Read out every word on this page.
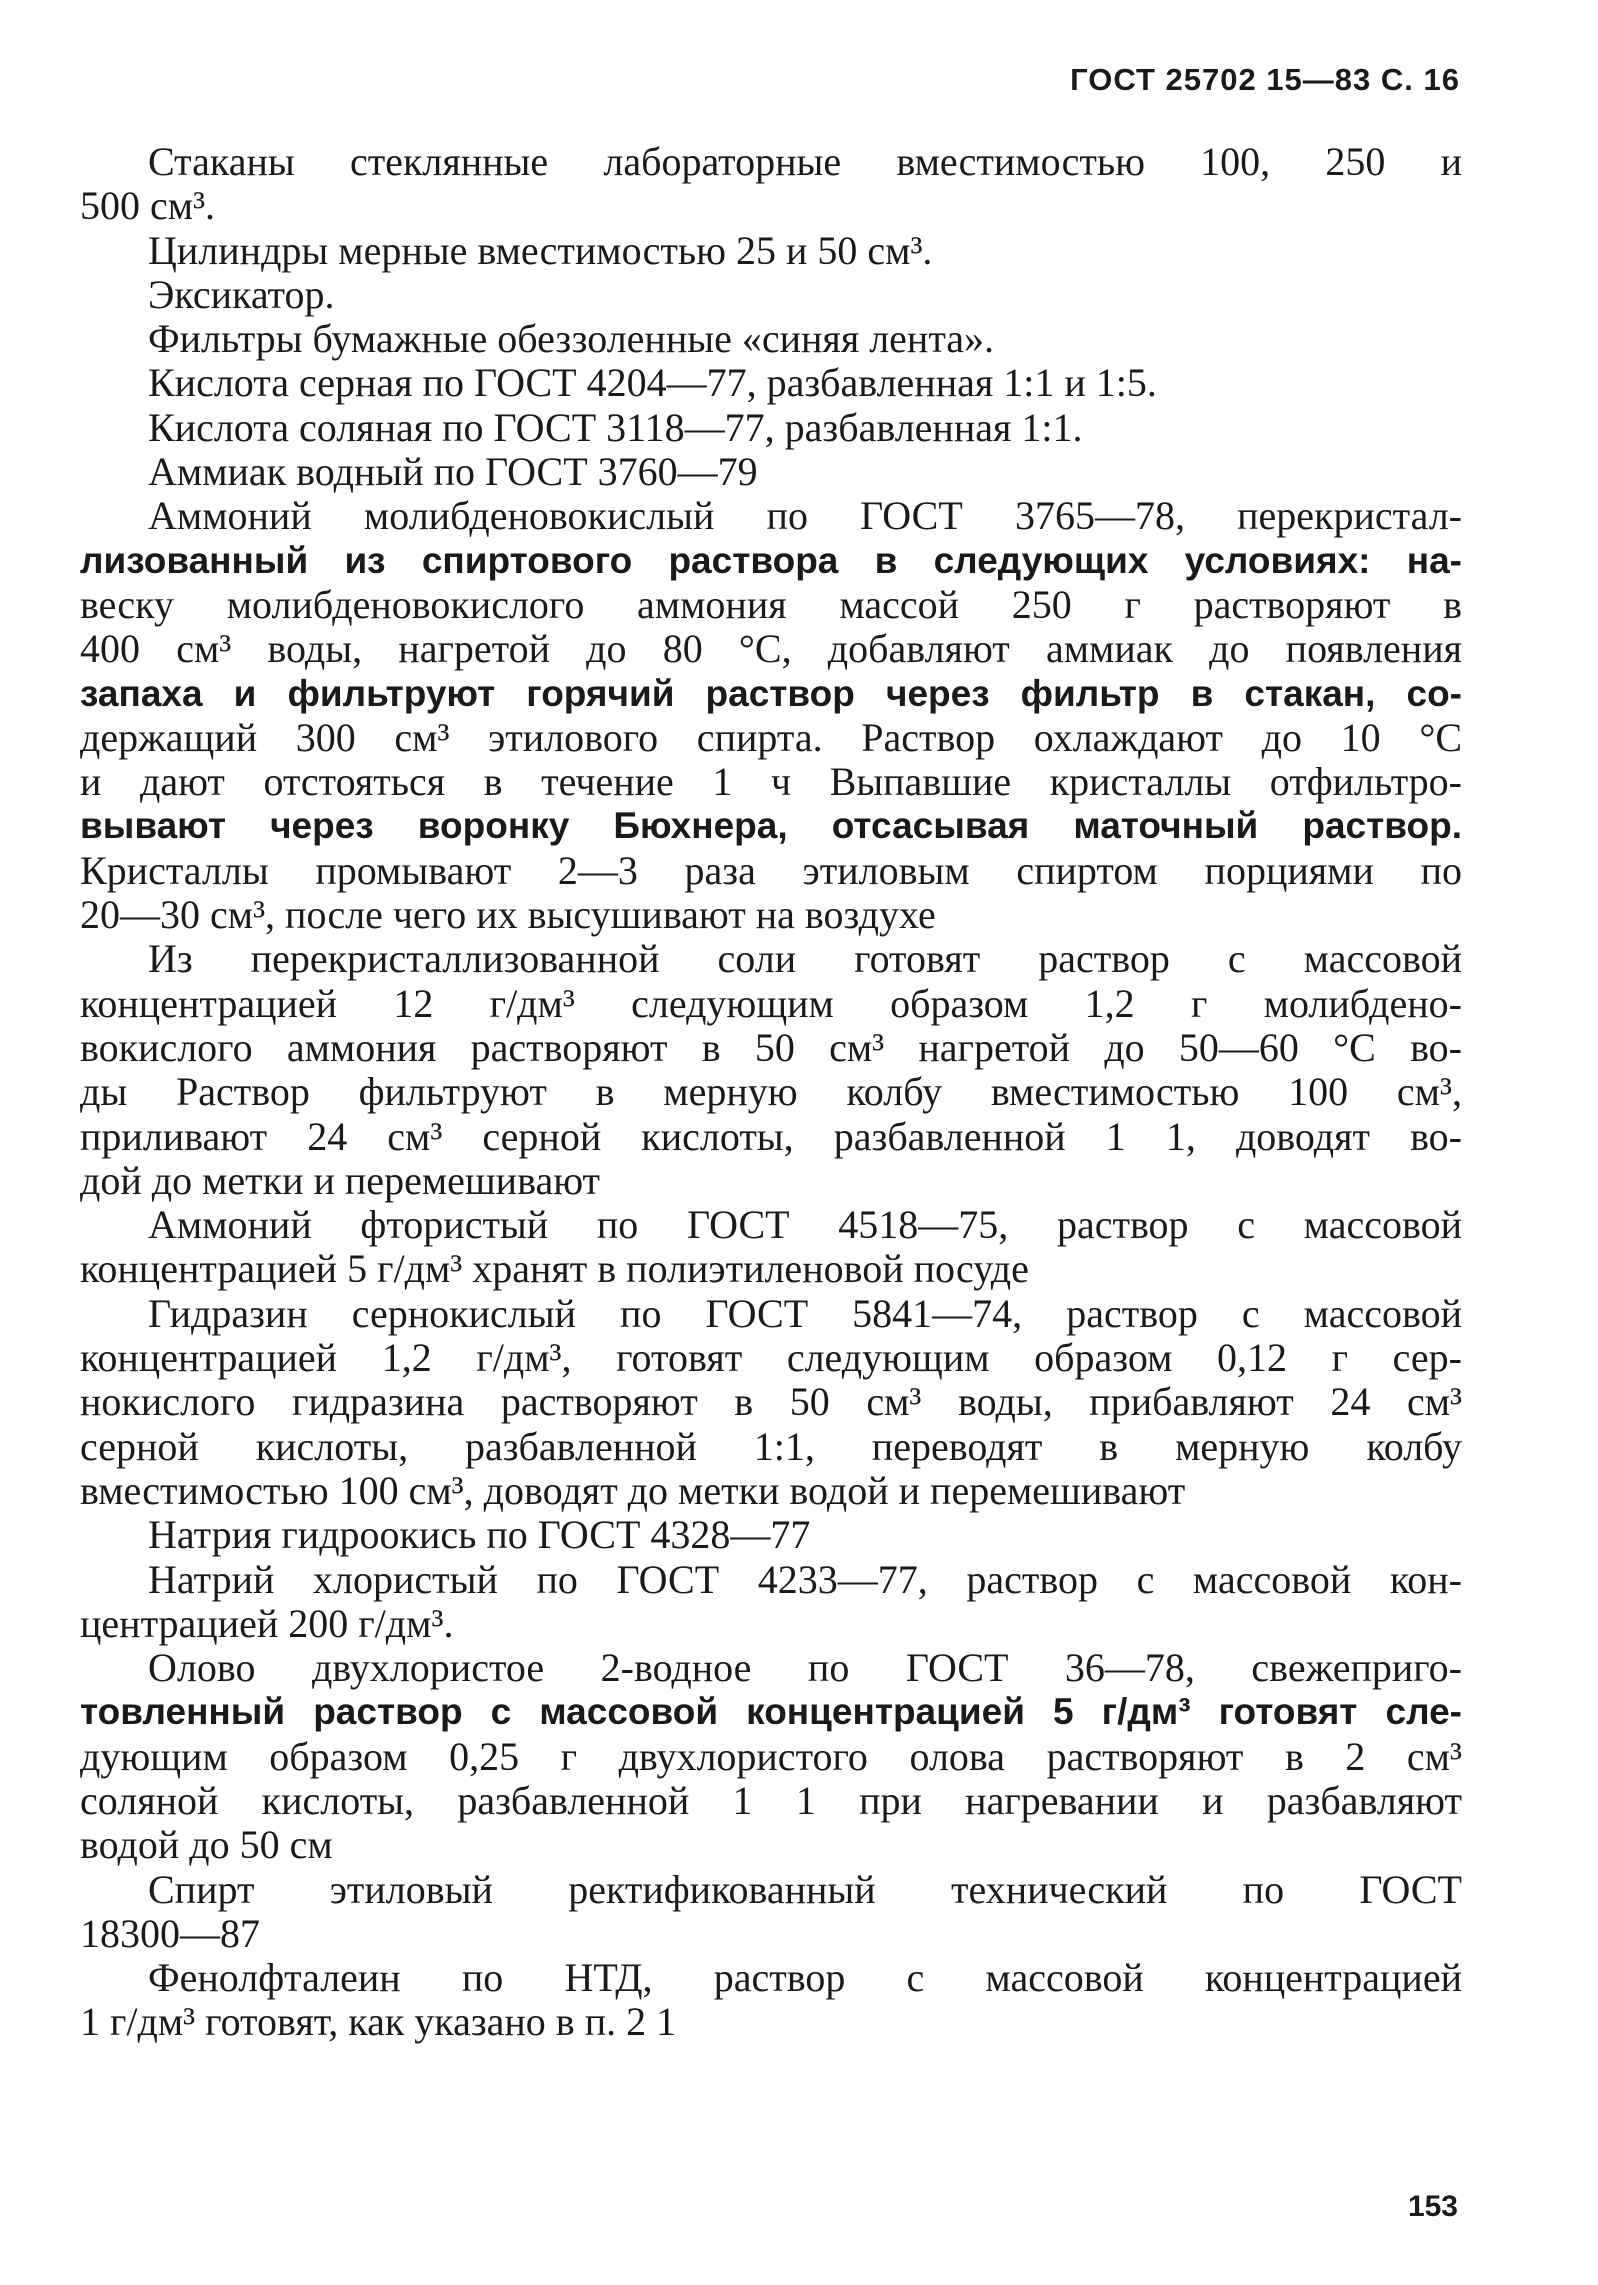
ГОСТ 25702 15—83 С. 16
Стаканы стеклянные лабораторные вместимостью 100, 250 и
500 см³.
Цилиндры мерные вместимостью 25 и 50 см³.
Эксикатор.
Фильтры бумажные обеззоленные «синяя лента».
Кислота серная по ГОСТ 4204—77, разбавленная 1:1 и 1:5.
Кислота соляная по ГОСТ 3118—77, разбавленная 1:1.
Аммиак водный по ГОСТ 3760—79
Аммоний молибденовокислый по ГОСТ 3765—78, перекристал-
лизованный из спиртового раствора в следующих условиях: на-
веску молибденовокислого аммония массой 250 г растворяют в
400 см³ воды, нагретой до 80 °С, добавляют аммиак до появления
запаха и фильтруют горячий раствор через фильтр в стакан, со-
держащий 300 см³ этилового спирта. Раствор охлаждают до 10 °С
и дают отстояться в течение 1 ч Выпавшие кристаллы отфильтро-
вывают через воронку Бюхнера, отсасывая маточный раствор.
Кристаллы промывают 2—3 раза этиловым спиртом порциями по
20—30 см³, после чего их высушивают на воздухе
Из перекристаллизованной соли готовят раствор с массовой
концентрацией 12 г/дм³ следующим образом 1,2 г молибдено-
вокислого аммония растворяют в 50 см³ нагретой до 50—60 °С во-
ды Раствор фильтруют в мерную колбу вместимостью 100 см³,
приливают 24 см³ серной кислоты, разбавленной 1 1, доводят во-
дой до метки и перемешивают
Аммоний фтористый по ГОСТ 4518—75, раствор с массовой
концентрацией 5 г/дм³ хранят в полиэтиленовой посуде
Гидразин сернокислый по ГОСТ 5841—74, раствор с массовой
концентрацией 1,2 г/дм³, готовят следующим образом 0,12 г сер-
нокислого гидразина растворяют в 50 см³ воды, прибавляют 24 см³
серной кислоты, разбавленной 1:1, переводят в мерную колбу
вместимостью 100 см³, доводят до метки водой и перемешивают
Натрия гидроокись по ГОСТ 4328—77
Натрий хлористый по ГОСТ 4233—77, раствор с массовой кон-
центрацией 200 г/дм³.
Олово двухлористое 2-водное по ГОСТ 36—78, свежеприго-
товленный раствор с массовой концентрацией 5 г/дм³ готовят сле-
дующим образом 0,25 г двухлористого олова растворяют в 2 см³
соляной кислоты, разбавленной 1 1 при нагревании и разбавляют
водой до 50 см
Спирт этиловый ректификованный технический по ГОСТ
18300—87
Фенолфталеин по НТД, раствор с массовой концентрацией
1 г/дм³ готовят, как указано в п. 2 1
153
